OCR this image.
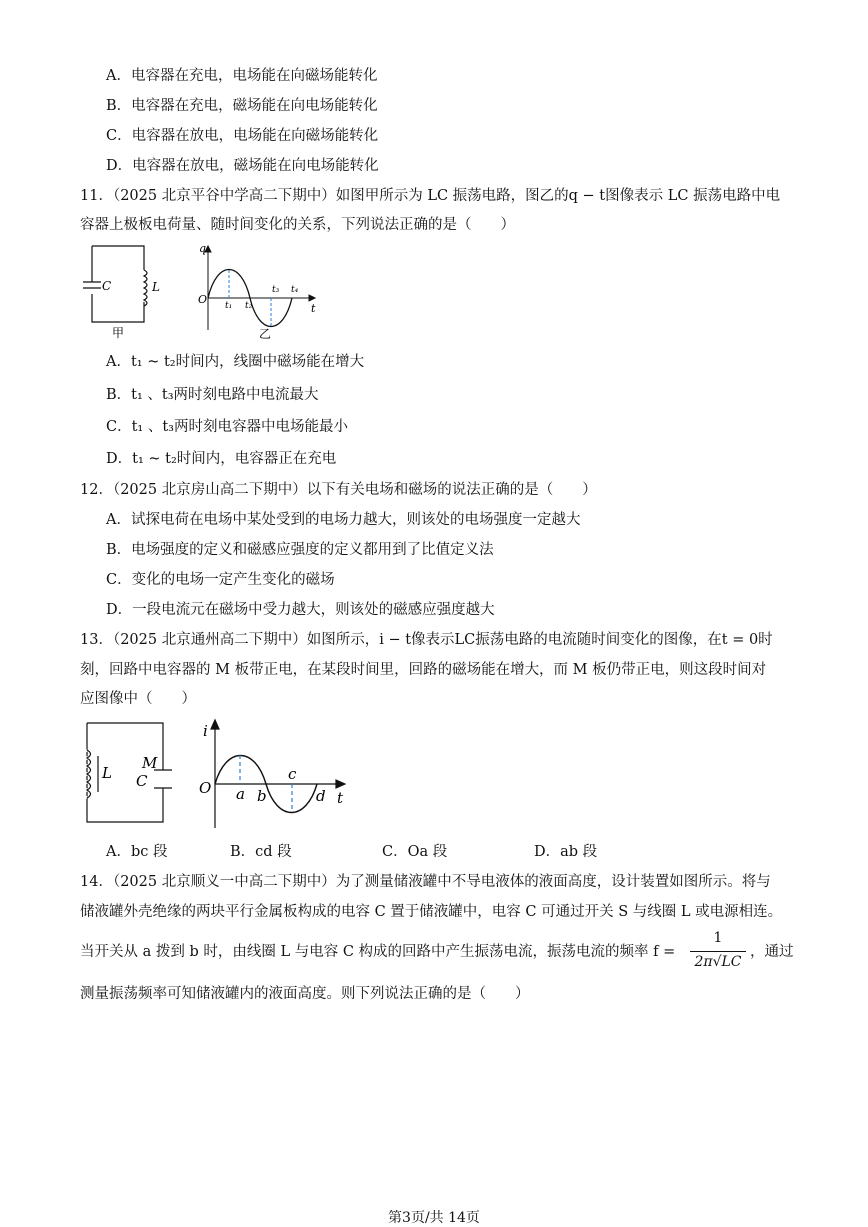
A．电容器在充电，电场能在向磁场能转化
B．电容器在充电，磁场能在向电场能转化
C．电容器在放电，电场能在向磁场能转化
D．电容器在放电，磁场能在向电场能转化
11．（2025 北京平谷中学高二下期中）如图甲所示为 LC 振荡电路，图乙的q − t图像表示 LC 振荡电路中电
容器上极板电荷量、随时间变化的关系，下列说法正确的是（　　）
C	L
甲
q
O
t
t₁ t₂
t₃ t₄
乙
A．t₁ ~ t₂时间内，线圈中磁场能在增大
B．t₁ 、t₃两时刻电路中电流最大
C．t₁ 、t₃两时刻电容器中电场能最小
D．t₁ ~ t₂时间内，电容器正在充电
12．（2025 北京房山高二下期中）以下有关电场和磁场的说法正确的是（　　）
A．试探电荷在电场中某处受到的电场力越大，则该处的电场强度一定越大
B．电场强度的定义和磁感应强度的定义都用到了比值定义法
C．变化的电场一定产生变化的磁场
D．一段电流元在磁场中受力越大，则该处的磁感应强度越大
13．（2025 北京通州高二下期中）如图所示，i − t像表示LC振荡电路的电流随时间变化的图像，在t = 0时
刻，回路中电容器的 M 板带正电，在某段时间里，回路的磁场能在增大，而 M 板仍带正电，则这段时间对
应图像中（　　）
L
M
C
i
O
t
a b
c
d
A．bc 段	B．cd 段	C．Oa 段	D．ab 段
14．（2025 北京顺义一中高二下期中）为了测量储液罐中不导电液体的液面高度，设计装置如图所示。将与
储液罐外壳绝缘的两块平行金属板构成的电容 C 置于储液罐中，电容 C 可通过开关 S 与线圈 L 或电源相连。
当开关从 a 拨到 b 时，由线圈 L 与电容 C 构成的回路中产生振荡电流，振荡电流的频率 f =
1
2π√LC
，通过
测量振荡频率可知储液罐内的液面高度。则下列说法正确的是（　　）
第3页/共 14页
